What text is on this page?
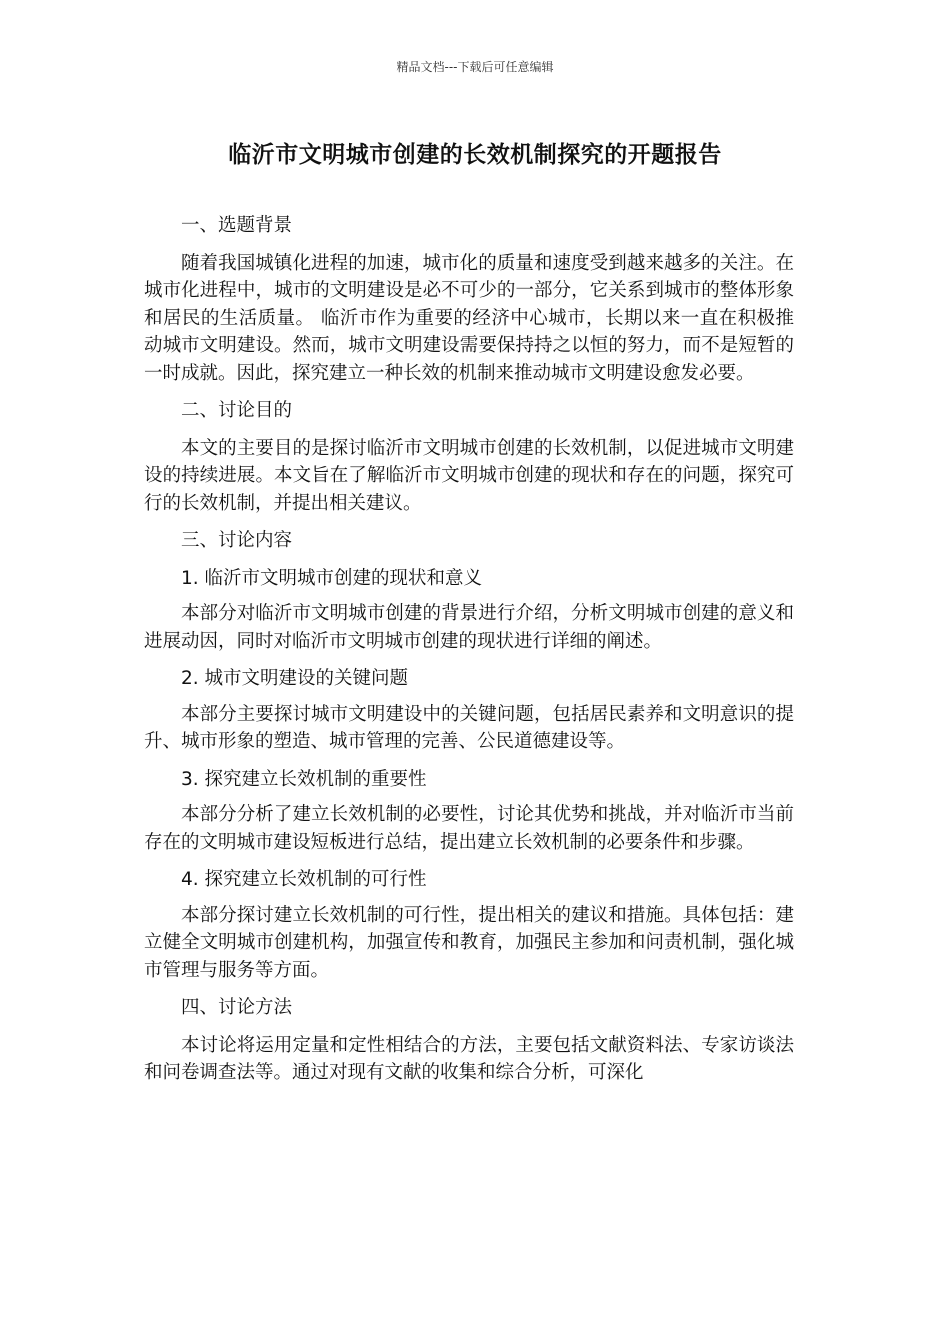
精品文档---下载后可任意编辑
临沂市文明城市创建的长效机制探究的开题报告

一、选题背景

随着我国城镇化进程的加速，城市化的质量和速度受到越来越多的关注。在城市化进程中，城市的文明建设是必不可少的一部分，它关系到城市的整体形象和居民的生活质量。 临沂市作为重要的经济中心城市，长期以来一直在积极推动城市文明建设。然而，城市文明建设需要保持持之以恒的努力，而不是短暂的一时成就。因此，探究建立一种长效的机制来推动城市文明建设愈发必要。

二、讨论目的

本文的主要目的是探讨临沂市文明城市创建的长效机制，以促进城市文明建设的持续进展。本文旨在了解临沂市文明城市创建的现状和存在的问题，探究可行的长效机制，并提出相关建议。

三、讨论内容

1. 临沂市文明城市创建的现状和意义

本部分对临沂市文明城市创建的背景进行介绍，分析文明城市创建的意义和进展动因，同时对临沂市文明城市创建的现状进行详细的阐述。

2. 城市文明建设的关键问题

本部分主要探讨城市文明建设中的关键问题，包括居民素养和文明意识的提升、城市形象的塑造、城市管理的完善、公民道德建设等。

3. 探究建立长效机制的重要性

本部分分析了建立长效机制的必要性，讨论其优势和挑战，并对临沂市当前存在的文明城市建设短板进行总结，提出建立长效机制的必要条件和步骤。

4. 探究建立长效机制的可行性

本部分探讨建立长效机制的可行性，提出相关的建议和措施。具体包括：建立健全文明城市创建机构，加强宣传和教育，加强民主参加和问责机制，强化城市管理与服务等方面。

四、讨论方法

本讨论将运用定量和定性相结合的方法，主要包括文献资料法、专家访谈法和问卷调查法等。通过对现有文献的收集和综合分析，可深化
